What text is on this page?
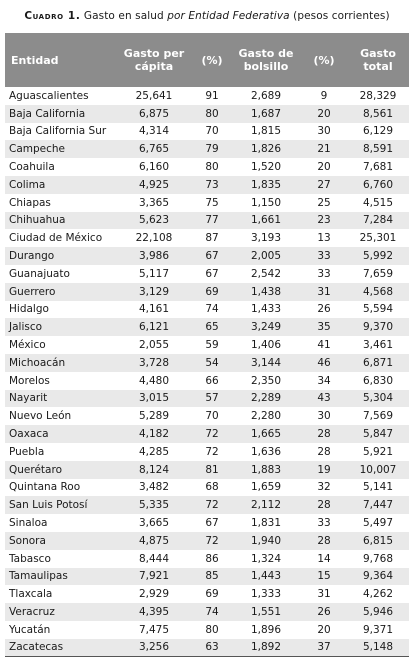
Cuadro 1. Gasto en salud por Entidad Federativa (pesos corrientes)
Entidad	Gasto per cápita	(%)	Gasto de bolsillo	(%)	Gasto total
Aguascalientes	25,641	91	2,689	9	28,329
Baja California	6,875	80	1,687	20	8,561
Baja California Sur	4,314	70	1,815	30	6,129
Campeche	6,765	79	1,826	21	8,591
Coahuila	6,160	80	1,520	20	7,681
Colima	4,925	73	1,835	27	6,760
Chiapas	3,365	75	1,150	25	4,515
Chihuahua	5,623	77	1,661	23	7,284
Ciudad de México	22,108	87	3,193	13	25,301
Durango	3,986	67	2,005	33	5,992
Guanajuato	5,117	67	2,542	33	7,659
Guerrero	3,129	69	1,438	31	4,568
Hidalgo	4,161	74	1,433	26	5,594
Jalisco	6,121	65	3,249	35	9,370
México	2,055	59	1,406	41	3,461
Michoacán	3,728	54	3,144	46	6,871
Morelos	4,480	66	2,350	34	6,830
Nayarit	3,015	57	2,289	43	5,304
Nuevo León	5,289	70	2,280	30	7,569
Oaxaca	4,182	72	1,665	28	5,847
Puebla	4,285	72	1,636	28	5,921
Querétaro	8,124	81	1,883	19	10,007
Quintana Roo	3,482	68	1,659	32	5,141
San Luis Potosí	5,335	72	2,112	28	7,447
Sinaloa	3,665	67	1,831	33	5,497
Sonora	4,875	72	1,940	28	6,815
Tabasco	8,444	86	1,324	14	9,768
Tamaulipas	7,921	85	1,443	15	9,364
Tlaxcala	2,929	69	1,333	31	4,262
Veracruz	4,395	74	1,551	26	5,946
Yucatán	7,475	80	1,896	20	9,371
Zacatecas	3,256	63	1,892	37	5,148
